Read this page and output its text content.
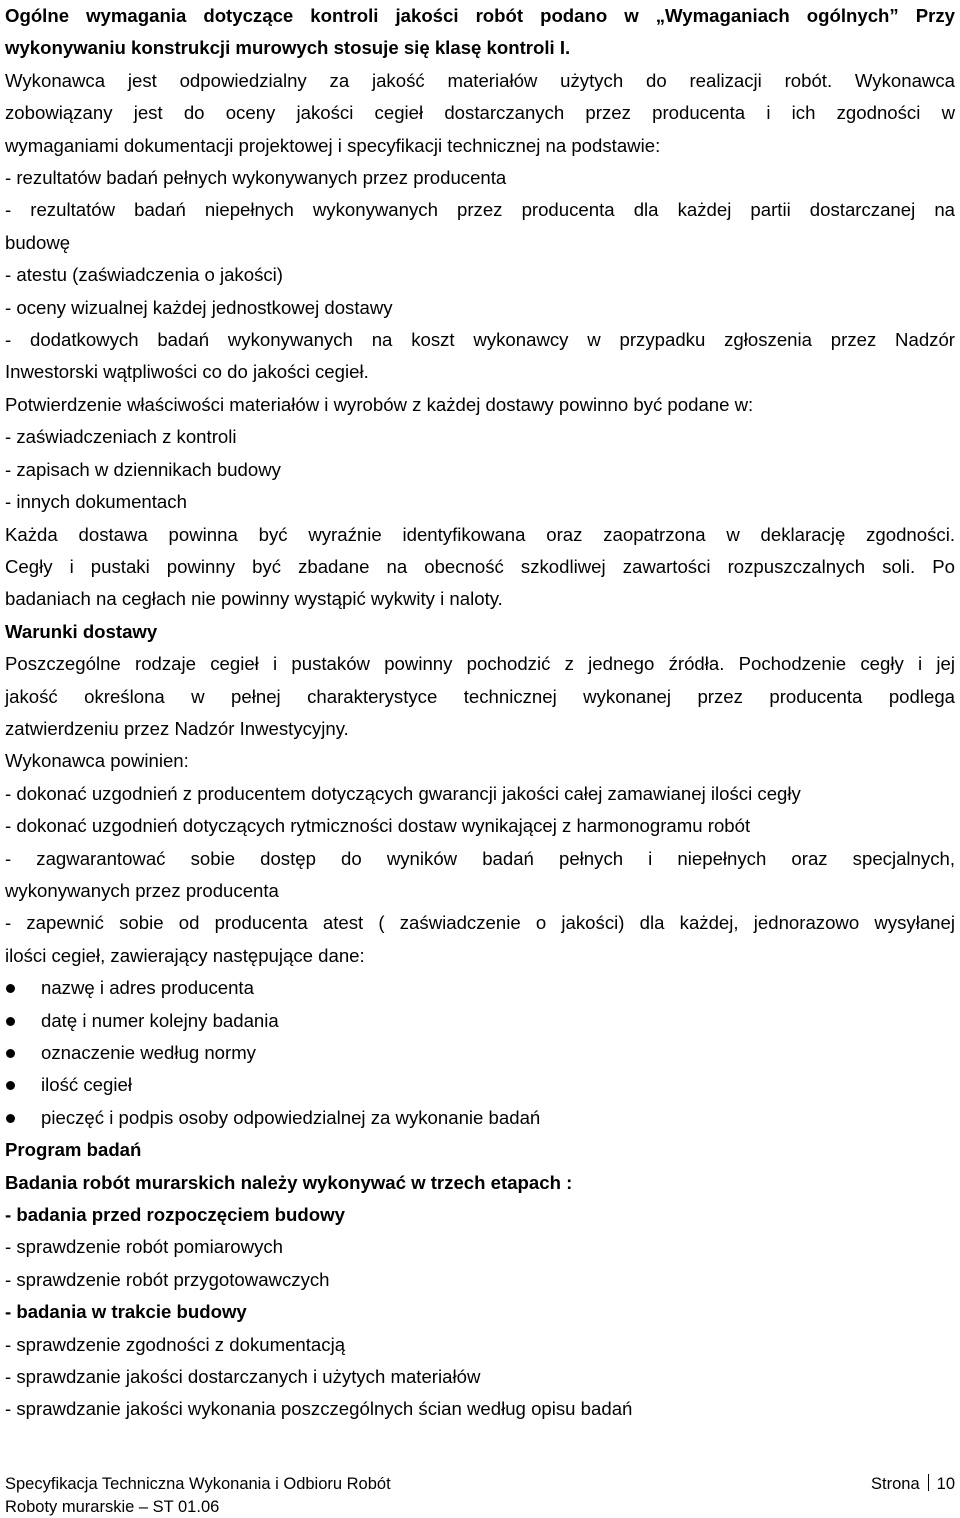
Ogólne wymagania dotyczące kontroli jakości robót podano w „Wymaganiach ogólnych” Przy

wykonywaniu konstrukcji murowych stosuje się klasę kontroli I.

Wykonawca jest odpowiedzialny za jakość materiałów użytych do realizacji robót. Wykonawca

zobowiązany jest do oceny jakości cegieł dostarczanych przez producenta i ich zgodności w

wymaganiami dokumentacji projektowej i specyfikacji technicznej na podstawie:

- rezultatów badań pełnych wykonywanych przez producenta

- rezultatów badań niepełnych wykonywanych przez producenta dla każdej partii dostarczanej na

budowę

- atestu (zaświadczenia o jakości)

- oceny wizualnej każdej jednostkowej dostawy

- dodatkowych badań wykonywanych na koszt wykonawcy w przypadku zgłoszenia przez Nadzór

Inwestorski wątpliwości co do jakości cegieł.

Potwierdzenie właściwości materiałów i wyrobów z każdej dostawy powinno być podane w:

- zaświadczeniach z kontroli

- zapisach w dziennikach budowy

- innych dokumentach

Każda dostawa powinna być wyraźnie identyfikowana oraz zaopatrzona w deklarację zgodności.

Cegły i pustaki powinny być zbadane na obecność szkodliwej zawartości rozpuszczalnych soli. Po

badaniach na cegłach nie powinny wystąpić wykwity i naloty.

Warunki dostawy

Poszczególne rodzaje cegieł i pustaków powinny pochodzić z jednego źródła. Pochodzenie cegły i jej

jakość określona w pełnej charakterystyce technicznej wykonanej przez producenta podlega

zatwierdzeniu przez Nadzór Inwestycyjny.

Wykonawca powinien:

- dokonać uzgodnień z producentem dotyczących gwarancji jakości całej zamawianej ilości cegły

- dokonać uzgodnień dotyczących rytmiczności dostaw wynikającej z harmonogramu robót

- zagwarantować sobie dostęp do wyników badań pełnych i niepełnych oraz specjalnych,

wykonywanych przez producenta

- zapewnić sobie od producenta atest ( zaświadczenie o jakości) dla każdej, jednorazowo wysyłanej

ilości cegieł, zawierający następujące dane:

nazwę i adres producenta

datę i numer kolejny badania

oznaczenie według normy

ilość cegieł

pieczęć i podpis osoby odpowiedzialnej za wykonanie badań

Program badań

Badania robót murarskich należy wykonywać w trzech etapach :

- badania przed rozpoczęciem budowy

- sprawdzenie robót pomiarowych

- sprawdzenie robót przygotowawczych

- badania w trakcie budowy

- sprawdzenie zgodności z dokumentacją

- sprawdzanie jakości dostarczanych i użytych materiałów

- sprawdzanie jakości wykonania poszczególnych ścian według opisu badań

Specyfikacja Techniczna Wykonania i Odbioru Robót	Strona 10
Roboty murarskie – ST 01.06
